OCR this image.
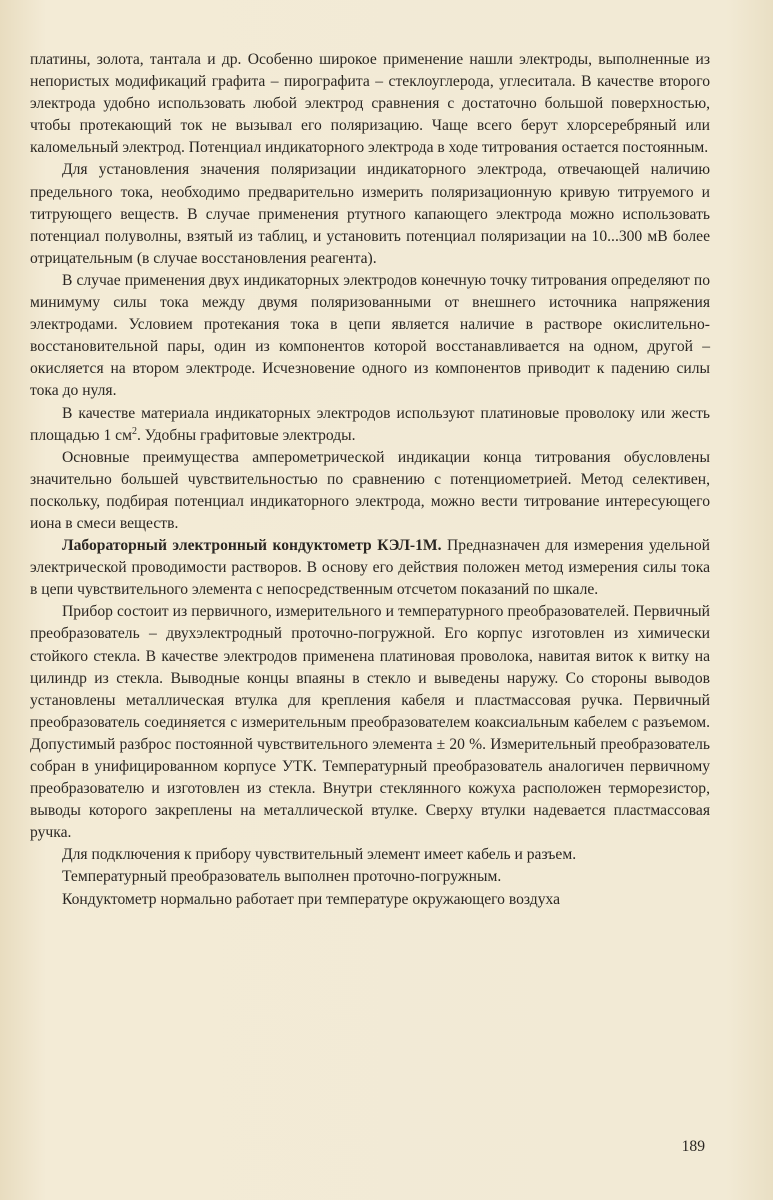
платины, золота, тантала и др. Особенно широкое применение нашли электроды, выполненные из непористых модификаций графита – пирографита – стеклоуглерода, углеситала. В качестве второго электрода удобно использовать любой электрод сравнения с достаточно большой поверхностью, чтобы протекающий ток не вызывал его поляризацию. Чаще всего берут хлорсеребряный или каломельный электрод. Потенциал индикаторного электрода в ходе титрования остается постоянным.

Для установления значения поляризации индикаторного электрода, отвечающей наличию предельного тока, необходимо предварительно измерить поляризационную кривую титруемого и титрующего веществ. В случае применения ртутного капающего электрода можно использовать потенциал полуволны, взятый из таблиц, и установить потенциал поляризации на 10...300 мВ более отрицательным (в случае восстановления реагента).

В случае применения двух индикаторных электродов конечную точку титрования определяют по минимуму силы тока между двумя поляризованными от внешнего источника напряжения электродами. Условием протекания тока в цепи является наличие в растворе окислительно-восстановительной пары, один из компонентов которой восстанавливается на одном, другой – окисляется на втором электроде. Исчезновение одного из компонентов приводит к падению силы тока до нуля.

В качестве материала индикаторных электродов используют платиновые проволоку или жесть площадью 1 $см^2$. Удобны графитовые электроды.

Основные преимущества амперометрической индикации конца титрования обусловлены значительно большей чувствительностью по сравнению с потенциометрией. Метод селективен, поскольку, подбирая потенциал индикаторного электрода, можно вести титрование интересующего иона в смеси веществ.

Лабораторный электронный кондуктометр КЭЛ-1М. Предназначен для измерения удельной электрической проводимости растворов. В основу его действия положен метод измерения силы тока в цепи чувствительного элемента с непосредственным отсчетом показаний по шкале.

Прибор состоит из первичного, измерительного и температурного преобразователей. Первичный преобразователь – двухэлектродный проточно-погружной. Его корпус изготовлен из химически стойкого стекла. В качестве электродов применена платиновая проволока, навитая виток к витку на цилиндр из стекла. Выводные концы впаяны в стекло и выведены наружу. Со стороны выводов установлены металлическая втулка для крепления кабеля и пластмассовая ручка. Первичный преобразователь соединяется с измерительным преобразователем коаксиальным кабелем с разъемом. Допустимый разброс постоянной чувствительного элемента ± 20 %. Измерительный преобразователь собран в унифицированном корпусе УТК. Температурный преобразователь аналогичен первичному преобразователю и изготовлен из стекла. Внутри стеклянного кожуха расположен терморезистор, выводы которого закреплены на металлической втулке. Сверху втулки надевается пластмассовая ручка.

Для подключения к прибору чувствительный элемент имеет кабель и разъем.

Температурный преобразователь выполнен проточно-погружным.

Кондуктометр нормально работает при температуре окружающего воздуха

189
